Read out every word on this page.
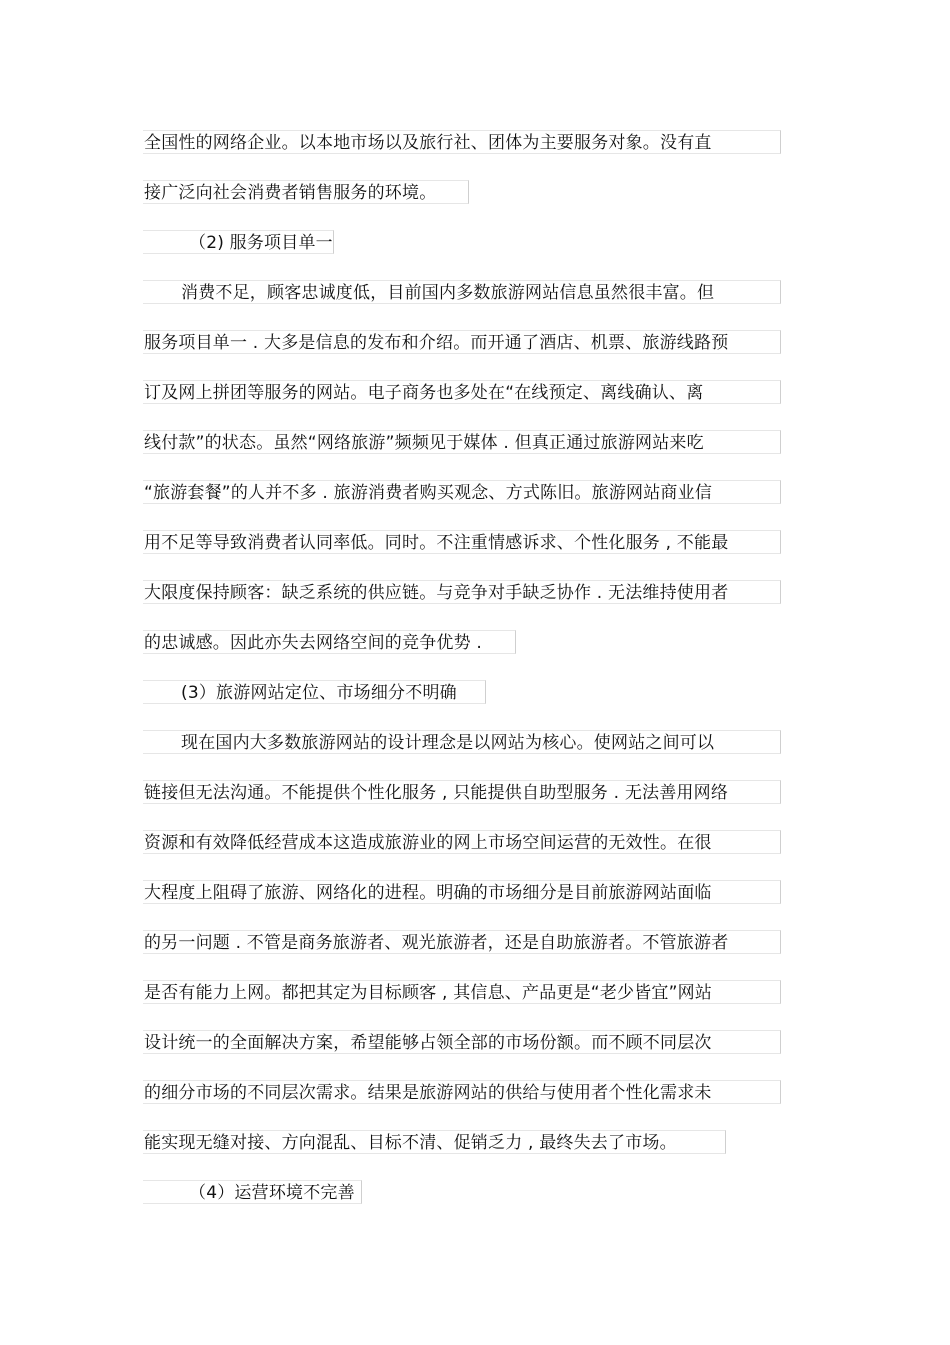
全国性的网络企业。以本地市场以及旅行社、团体为主要服务对象。没有直
接广泛向社会消费者销售服务的环境。
（2) 服务项目单一
消费不足，顾客忠诚度低，目前国内多数旅游网站信息虽然很丰富。但
服务项目单一 . 大多是信息的发布和介绍。而开通了酒店、机票、旅游线路预
订及网上拼团等服务的网站。电子商务也多处在“在线预定、离线确认、离
线付款”的状态。虽然“网络旅游”频频见于媒体 . 但真正通过旅游网站来吃
“旅游套餐”的人并不多 . 旅游消费者购买观念、方式陈旧。旅游网站商业信
用不足等导致消费者认同率低。同时。不注重情感诉求、个性化服务 , 不能最
大限度保持顾客：缺乏系统的供应链。与竞争对手缺乏协作 . 无法维持使用者
的忠诚感。因此亦失去网络空间的竞争优势 .
(3）旅游网站定位、市场细分不明确
现在国内大多数旅游网站的设计理念是以网站为核心。使网站之间可以
链接但无法沟通。不能提供个性化服务 , 只能提供自助型服务 . 无法善用网络
资源和有效降低经营成本这造成旅游业的网上市场空间运营的无效性。在很
大程度上阻碍了旅游、网络化的进程。明确的市场细分是目前旅游网站面临
的另一问题 . 不管是商务旅游者、观光旅游者，还是自助旅游者。不管旅游者
是否有能力上网。都把其定为目标顾客 , 其信息、产品更是“老少皆宜”网站
设计统一的全面解决方案，希望能够占领全部的市场份额。而不顾不同层次
的细分市场的不同层次需求。结果是旅游网站的供给与使用者个性化需求未
能实现无缝对接、方向混乱、目标不清、促销乏力 , 最终失去了市场。
（4）运营环境不完善
